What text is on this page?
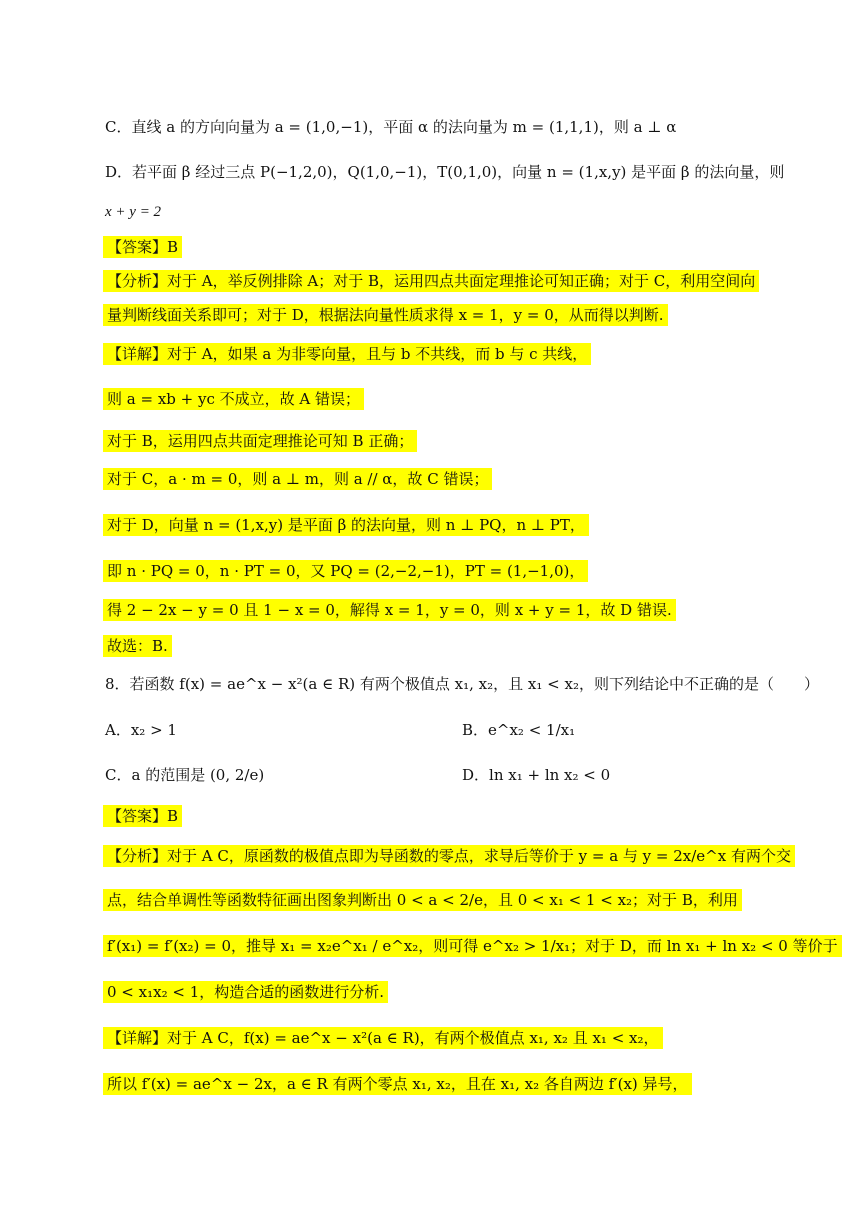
C．直线 a 的方向向量为 a = (1,0,−1)，平面 α 的法向量为 m = (1,1,1)，则 a ⊥ α
D．若平面 β 经过三点 P(−1,2,0)，Q(1,0,−1)，T(0,1,0)，向量 n = (1,x,y) 是平面 β 的法向量，则
x + y = 2
【答案】B
【分析】对于 A，举反例排除 A；对于 B，运用四点共面定理推论可知正确；对于 C，利用空间向
量判断线面关系即可；对于 D，根据法向量性质求得 x = 1，y = 0，从而得以判断.
【详解】对于 A，如果 a 为非零向量，且与 b 不共线，而 b 与 c 共线，
则 a = xb + yc 不成立，故 A 错误；
对于 B，运用四点共面定理推论可知 B 正确；
对于 C，a · m = 0，则 a ⊥ m，则 a // α，故 C 错误；
对于 D，向量 n = (1,x,y) 是平面 β 的法向量，则 n ⊥ PQ，n ⊥ PT，
即 n · PQ = 0，n · PT = 0，又 PQ = (2,−2,−1)，PT = (1,−1,0)，
得 2 − 2x − y = 0 且 1 − x = 0，解得 x = 1，y = 0，则 x + y = 1，故 D 错误.
故选：B.
8．若函数 f(x) = ae^x − x²(a ∈ R) 有两个极值点 x₁, x₂，且 x₁ < x₂，则下列结论中不正确的是（　　）
A．x₂ > 1	B．e^x₂ < 1/x₁
C．a 的范围是 (0, 2/e)	D．ln x₁ + ln x₂ < 0
【答案】B
【分析】对于 A C，原函数的极值点即为导函数的零点，求导后等价于 y = a 与 y = 2x/e^x 有两个交
点，结合单调性等函数特征画出图象判断出 0 < a < 2/e，且 0 < x₁ < 1 < x₂；对于 B，利用
f′(x₁) = f′(x₂) = 0，推导 x₁ = x₂e^x₁ / e^x₂，则可得 e^x₂ > 1/x₁；对于 D，而 ln x₁ + ln x₂ < 0 等价于
0 < x₁x₂ < 1，构造合适的函数进行分析.
【详解】对于 A C，f(x) = ae^x − x²(a ∈ R)，有两个极值点 x₁, x₂ 且 x₁ < x₂，
所以 f′(x) = ae^x − 2x，a ∈ R 有两个零点 x₁, x₂，且在 x₁, x₂ 各自两边 f′(x) 异号，
